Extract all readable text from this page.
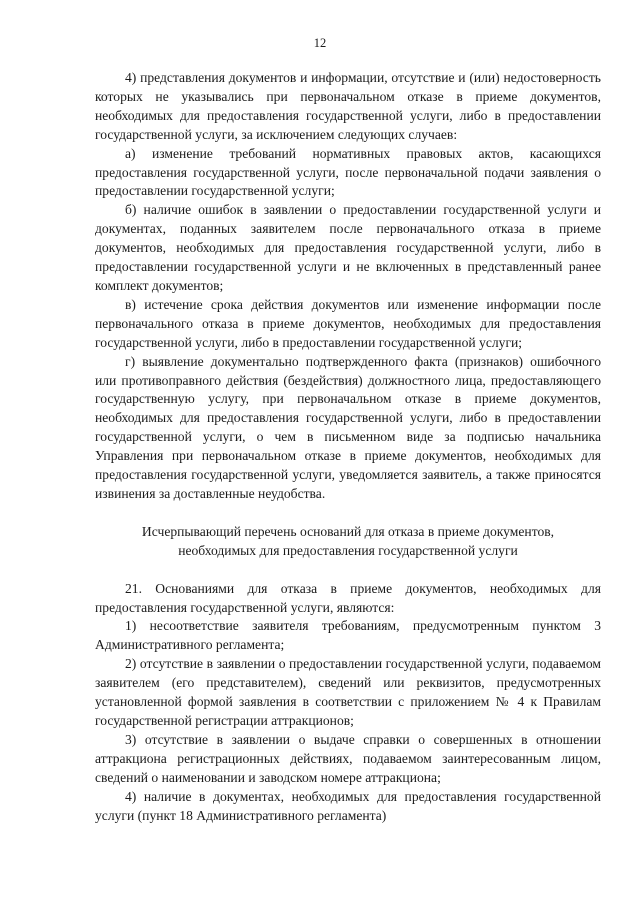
12

4) представления документов и информации, отсутствие и (или) недостоверность которых не указывались при первоначальном отказе в приеме документов, необходимых для предоставления государственной услуги, либо в предоставлении государственной услуги, за исключением следующих случаев:

а) изменение требований нормативных правовых актов, касающихся предоставления государственной услуги, после первоначальной подачи заявления о предоставлении государственной услуги;

б) наличие ошибок в заявлении о предоставлении государственной услуги и документах, поданных заявителем после первоначального отказа в приеме документов, необходимых для предоставления государственной услуги, либо в предоставлении государственной услуги и не включенных в представленный ранее комплект документов;

в) истечение срока действия документов или изменение информации после первоначального отказа в приеме документов, необходимых для предоставления государственной услуги, либо в предоставлении государственной услуги;

г) выявление документально подтвержденного факта (признаков) ошибочного или противоправного действия (бездействия) должностного лица, предоставляющего государственную услугу, при первоначальном отказе в приеме документов, необходимых для предоставления государственной услуги, либо в предоставлении государственной услуги, о чем в письменном виде за подписью начальника Управления при первоначальном отказе в приеме документов, необходимых для предоставления государственной услуги, уведомляется заявитель, а также приносятся извинения за доставленные неудобства.

Исчерпывающий перечень оснований для отказа в приеме документов, необходимых для предоставления государственной услуги

21. Основаниями для отказа в приеме документов, необходимых для предоставления государственной услуги, являются:

1) несоответствие заявителя требованиям, предусмотренным пунктом 3 Административного регламента;

2) отсутствие в заявлении о предоставлении государственной услуги, подаваемом заявителем (его представителем), сведений или реквизитов, предусмотренных установленной формой заявления в соответствии с приложением № 4 к Правилам государственной регистрации аттракционов;

3) отсутствие в заявлении о выдаче справки о совершенных в отношении аттракциона регистрационных действиях, подаваемом заинтересованным лицом, сведений о наименовании и заводском номере аттракциона;

4) наличие в документах, необходимых для предоставления государственной услуги (пункт 18 Административного регламента)
